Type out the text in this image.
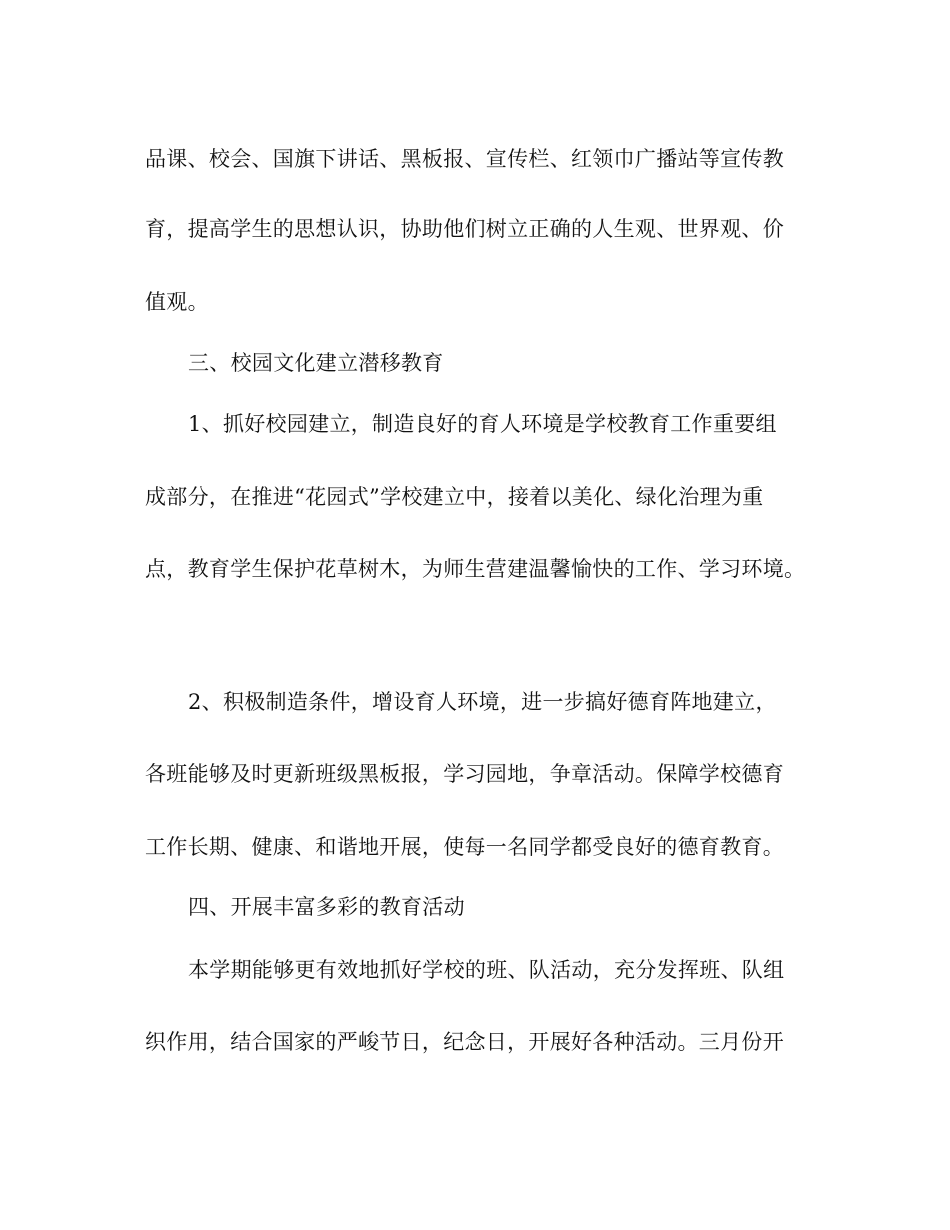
品课、校会、国旗下讲话、黑板报、宣传栏、红领巾广播站等宣传教
育，提高学生的思想认识，协助他们树立正确的人生观、世界观、价
值观。
三、校园文化建立潜移教育
1、抓好校园建立，制造良好的育人环境是学校教育工作重要组
成部分，在推进“花园式”学校建立中，接着以美化、绿化治理为重
点，教育学生保护花草树木，为师生营建温馨愉快的工作、学习环境。
2、积极制造条件，增设育人环境，进一步搞好德育阵地建立，
各班能够及时更新班级黑板报，学习园地，争章活动。保障学校德育
工作长期、健康、和谐地开展，使每一名同学都受良好的德育教育。
四、开展丰富多彩的教育活动
本学期能够更有效地抓好学校的班、队活动，充分发挥班、队组
织作用，结合国家的严峻节日，纪念日，开展好各种活动。三月份开
